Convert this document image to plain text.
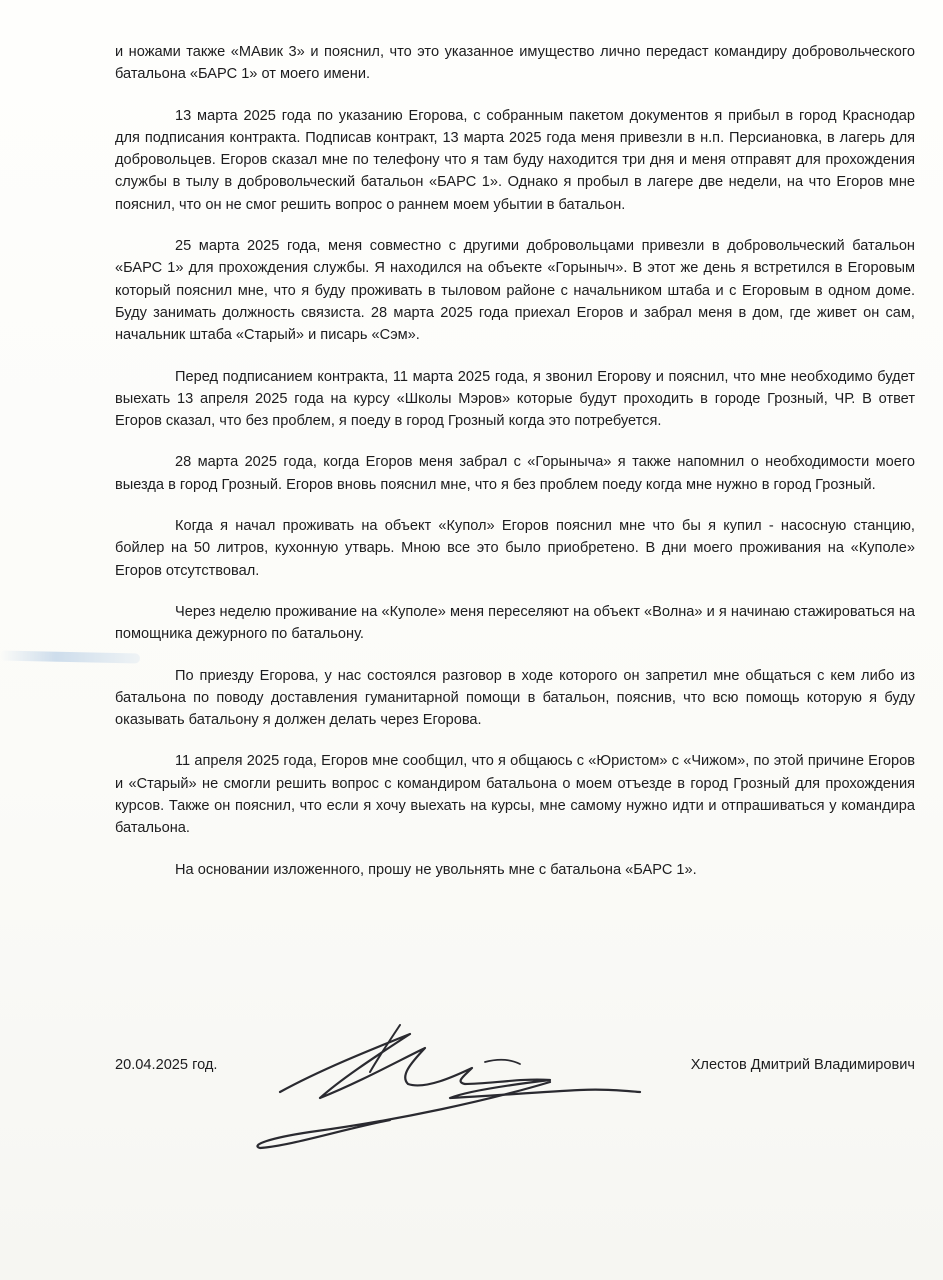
и ножами также «МАвик 3» и пояснил, что это указанное имущество лично передаст командиру добровольческого батальона «БАРС 1» от моего имени.

13 марта 2025 года по указанию Егорова, с собранным пакетом документов я прибыл в город Краснодар для подписания контракта. Подписав контракт, 13 марта 2025 года меня привезли в н.п. Персиановка, в лагерь для добровольцев. Егоров сказал мне по телефону что я там буду находится три дня и меня отправят для прохождения службы в тылу в добровольческий батальон «БАРС 1». Однако я пробыл в лагере две недели, на что Егоров мне пояснил, что он не смог решить вопрос о раннем моем убытии в батальон.

25 марта 2025 года, меня совместно с другими добровольцами привезли в добровольческий батальон «БАРС 1» для прохождения службы. Я находился на объекте «Горыныч». В этот же день я встретился в Егоровым который пояснил мне, что я буду проживать в тыловом районе с начальником штаба и с Егоровым в одном доме. Буду занимать должность связиста. 28 марта 2025 года приехал Егоров и забрал меня в дом, где живет он сам, начальник штаба «Старый» и писарь «Сэм».

Перед подписанием контракта, 11 марта 2025 года, я звонил Егорову и пояснил, что мне необходимо будет выехать 13 апреля 2025 года на курсу «Школы Мэров» которые будут проходить в городе Грозный, ЧР. В ответ Егоров сказал, что без проблем, я поеду в город Грозный когда это потребуется.

28 марта 2025 года, когда Егоров меня забрал с «Горыныча» я также напомнил о необходимости моего выезда в город Грозный. Егоров вновь пояснил мне, что я без проблем поеду когда мне нужно в город Грозный.

Когда я начал проживать на объект «Купол» Егоров пояснил мне что бы я купил - насосную станцию, бойлер на 50 литров, кухонную утварь. Мною все это было приобретено. В дни моего проживания на «Куполе» Егоров отсутствовал.

Через неделю проживание на «Куполе» меня переселяют на объект «Волна» и я начинаю стажироваться на помощника дежурного по батальону.

По приезду Егорова, у нас состоялся разговор в ходе которого он запретил мне общаться с кем либо из батальона по поводу доставления гуманитарной помощи в батальон, пояснив, что всю помощь которую я буду оказывать батальону я должен делать через Егорова.

11 апреля 2025 года, Егоров мне сообщил, что я общаюсь с «Юристом» с «Чижом», по этой причине Егоров и «Старый» не смогли решить вопрос с командиром батальона о моем отъезде в город Грозный для прохождения курсов. Также он пояснил, что если я хочу выехать на курсы, мне самому нужно идти и отпрашиваться у командира батальона.

На основании изложенного, прошу не увольнять мне с батальона «БАРС 1».

20.04.2025 год.	Хлестов Дмитрий Владимирович
